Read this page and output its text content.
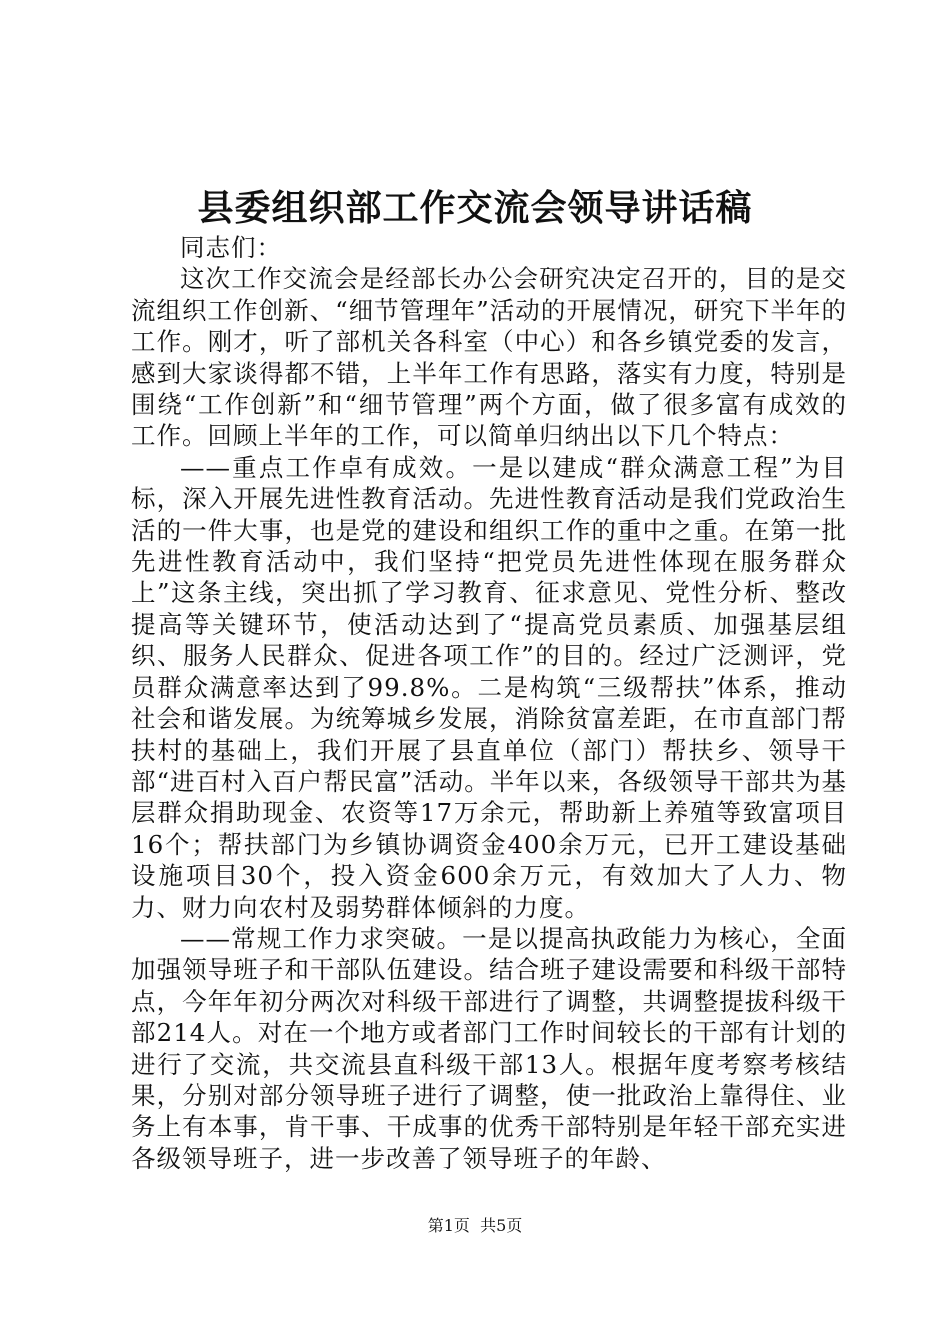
县委组织部工作交流会领导讲话稿

同志们：

这次工作交流会是经部长办公会研究决定召开的，目的是交流组织工作创新、“细节管理年”活动的开展情况，研究下半年的工作。刚才，听了部机关各科室（中心）和各乡镇党委的发言，感到大家谈得都不错，上半年工作有思路，落实有力度，特别是围绕“工作创新”和“细节管理”两个方面，做了很多富有成效的工作。回顾上半年的工作，可以简单归纳出以下几个特点：

——重点工作卓有成效。一是以建成“群众满意工程”为目标，深入开展先进性教育活动。先进性教育活动是我们党政治生活的一件大事，也是党的建设和组织工作的重中之重。在第一批先进性教育活动中，我们坚持“把党员先进性体现在服务群众上”这条主线，突出抓了学习教育、征求意见、党性分析、整改提高等关键环节，使活动达到了“提高党员素质、加强基层组织、服务人民群众、促进各项工作”的目的。经过广泛测评，党员群众满意率达到了99.8%。二是构筑“三级帮扶”体系，推动社会和谐发展。为统筹城乡发展，消除贫富差距，在市直部门帮扶村的基础上，我们开展了县直单位（部门）帮扶乡、领导干部“进百村入百户帮民富”活动。半年以来，各级领导干部共为基层群众捐助现金、农资等17万余元，帮助新上养殖等致富项目16个；帮扶部门为乡镇协调资金400余万元，已开工建设基础设施项目30个，投入资金600余万元，有效加大了人力、物力、财力向农村及弱势群体倾斜的力度。

——常规工作力求突破。一是以提高执政能力为核心，全面加强领导班子和干部队伍建设。结合班子建设需要和科级干部特点，今年年初分两次对科级干部进行了调整，共调整提拔科级干部214人。对在一个地方或者部门工作时间较长的干部有计划的进行了交流，共交流县直科级干部13人。根据年度考察考核结果，分别对部分领导班子进行了调整，使一批政治上靠得住、业务上有本事，肯干事、干成事的优秀干部特别是年轻干部充实进各级领导班子，进一步改善了领导班子的年龄、

第1页 共5页
